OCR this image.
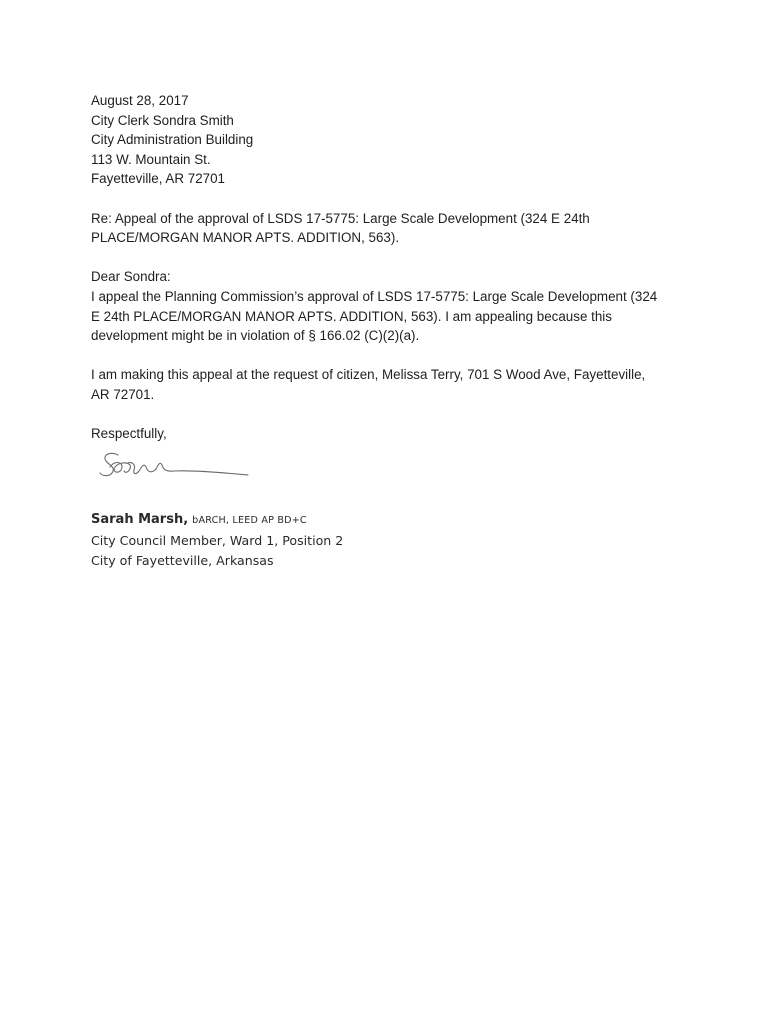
August 28, 2017
City Clerk Sondra Smith
City Administration Building
113 W. Mountain St.
Fayetteville, AR 72701
Re: Appeal of the approval of LSDS 17-5775: Large Scale Development (324 E 24th
PLACE/MORGAN MANOR APTS. ADDITION, 563).
Dear Sondra:
I appeal the Planning Commission’s approval of LSDS 17-5775: Large Scale Development (324
E 24th PLACE/MORGAN MANOR APTS. ADDITION, 563). I am appealing because this
development might be in violation of § 166.02 (C)(2)(a).
I am making this appeal at the request of citizen, Melissa Terry, 701 S Wood Ave, Fayetteville,
AR 72701.
Respectfully,
Sarah Marsh, bARCH, LEED AP BD+C
City Council Member, Ward 1, Position 2
City of Fayetteville, Arkansas
